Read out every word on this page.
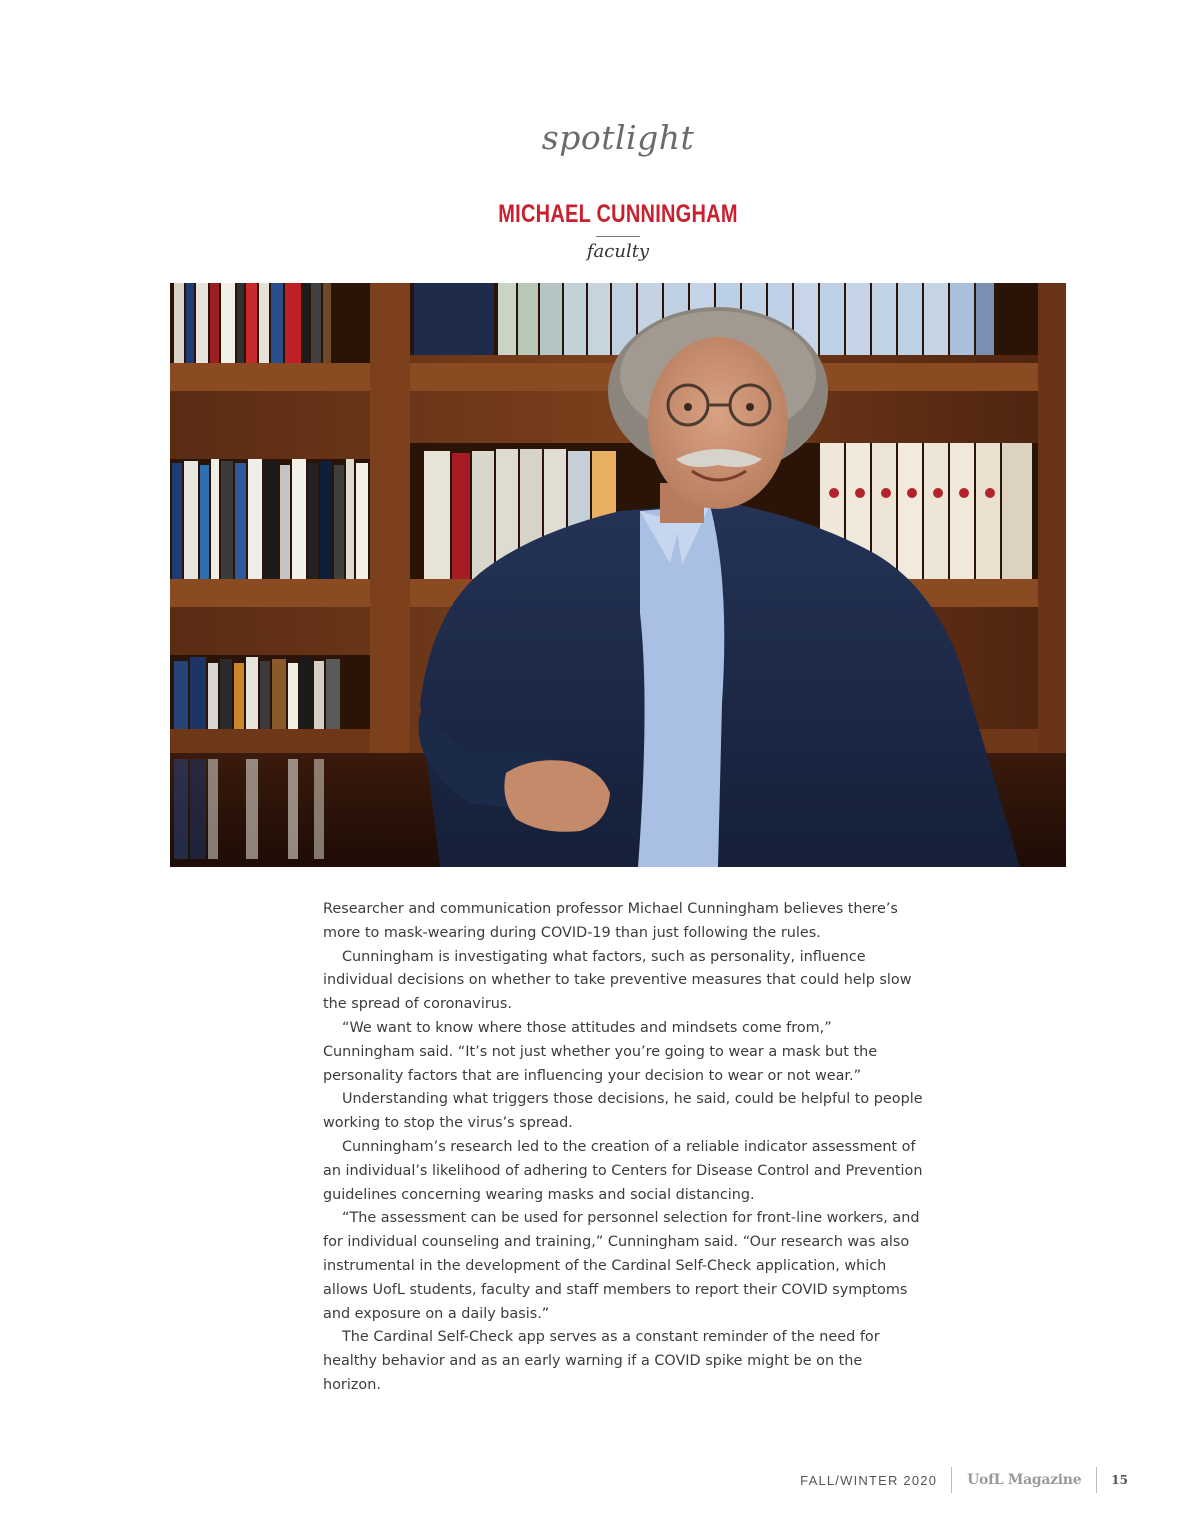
spotlight
MICHAEL CUNNINGHAM
faculty

Researcher and communication professor Michael Cunningham believes there’s more to mask-wearing during COVID-19 than just following the rules.

Cunningham is investigating what factors, such as personality, influence individual decisions on whether to take preventive measures that could help slow the spread of coronavirus.

“We want to know where those attitudes and mindsets come from,” Cunningham said. “It’s not just whether you’re going to wear a mask but the personality factors that are influencing your decision to wear or not wear.”

Understanding what triggers those decisions, he said, could be helpful to people working to stop the virus’s spread.

Cunningham’s research led to the creation of a reliable indicator assessment of an individual’s likelihood of adhering to Centers for Disease Control and Prevention guidelines concerning wearing masks and social distancing.

“The assessment can be used for personnel selection for front-line workers, and for individual counseling and training,” Cunningham said. “Our research was also instrumental in the development of the Cardinal Self-Check application, which allows UofL students, faculty and staff members to report their COVID symptoms and exposure on a daily basis.”

The Cardinal Self-Check app serves as a constant reminder of the need for healthy behavior and as an early warning if a COVID spike might be on the horizon.

FALL/WINTER 2020	UofL Magazine	15
